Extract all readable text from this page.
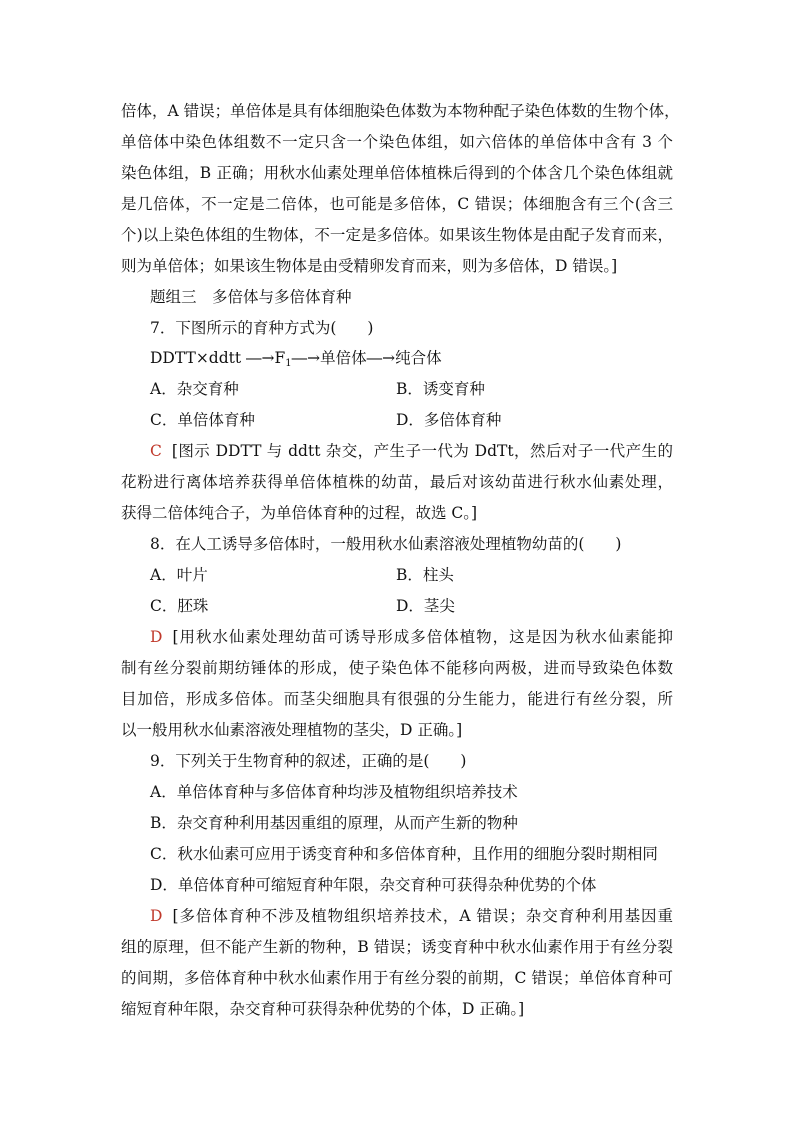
倍体，A 错误；单倍体是具有体细胞染色体数为本物种配子染色体数的生物个体，
单倍体中染色体组数不一定只含一个染色体组，如六倍体的单倍体中含有 3 个
染色体组，B 正确；用秋水仙素处理单倍体植株后得到的个体含几个染色体组就
是几倍体，不一定是二倍体，也可能是多倍体，C 错误；体细胞含有三个(含三
个)以上染色体组的生物体，不一定是多倍体。如果该生物体是由配子发育而来，
则为单倍体；如果该生物体是由受精卵发育而来，则为多倍体，D 错误。]
题组三　多倍体与多倍体育种
7．下图所示的育种方式为(　　)
DDTT×ddtt $―\to F_1―\to$单倍体―→纯合体
A．杂交育种	B．诱变育种
C．单倍体育种	D．多倍体育种
C [图示 DDTT 与 ddtt 杂交，产生子一代为 DdTt，然后对子一代产生的
花粉进行离体培养获得单倍体植株的幼苗，最后对该幼苗进行秋水仙素处理，
获得二倍体纯合子，为单倍体育种的过程，故选 C。]
8．在人工诱导多倍体时，一般用秋水仙素溶液处理植物幼苗的(　　)
A．叶片	B．柱头
C．胚珠	D．茎尖
D [用秋水仙素处理幼苗可诱导形成多倍体植物，这是因为秋水仙素能抑
制有丝分裂前期纺锤体的形成，使子染色体不能移向两极，进而导致染色体数
目加倍，形成多倍体。而茎尖细胞具有很强的分生能力，能进行有丝分裂，所
以一般用秋水仙素溶液处理植物的茎尖，D 正确。]
9．下列关于生物育种的叙述，正确的是(　　)
A．单倍体育种与多倍体育种均涉及植物组织培养技术
B．杂交育种利用基因重组的原理，从而产生新的物种
C．秋水仙素可应用于诱变育种和多倍体育种，且作用的细胞分裂时期相同
D．单倍体育种可缩短育种年限，杂交育种可获得杂种优势的个体
D [多倍体育种不涉及植物组织培养技术，A 错误；杂交育种利用基因重
组的原理，但不能产生新的物种，B 错误；诱变育种中秋水仙素作用于有丝分裂
的间期，多倍体育种中秋水仙素作用于有丝分裂的前期，C 错误；单倍体育种可
缩短育种年限，杂交育种可获得杂种优势的个体，D 正确。]
